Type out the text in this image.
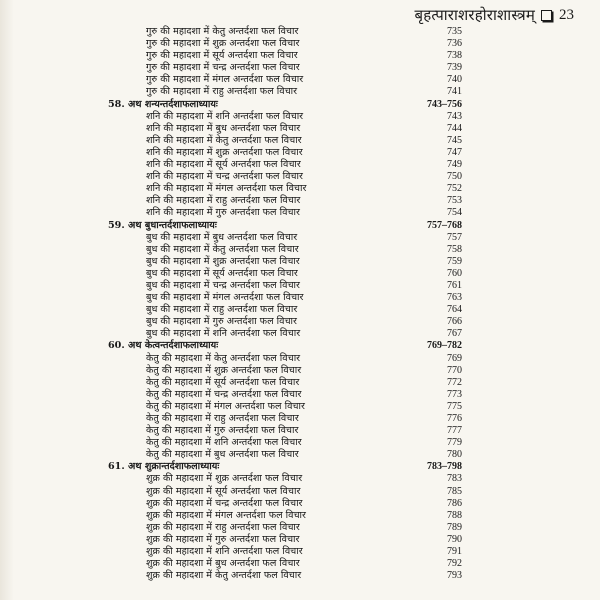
बृहत्पाराशरहोराशास्त्रम् 23
गुरु की महादशा में केतु अन्तर्दशा फल विचार	735
गुरु की महादशा में शुक्र अन्तर्दशा फल विचार	736
गुरु की महादशा में सूर्य अन्तर्दशा फल विचार	738
गुरु की महादशा में चन्द्र अन्तर्दशा फल विचार	739
गुरु की महादशा में मंगल अन्तर्दशा फल विचार	740
गुरु की महादशा में राहु अन्तर्दशा फल विचार	741
58. अथ शन्यन्तर्दशाफलाध्यायः	743–756
शनि की महादशा में शनि अन्तर्दशा फल विचार	743
शनि की महादशा में बुध अन्तर्दशा फल विचार	744
शनि की महादशा में केतु अन्तर्दशा फल विचार	745
शनि की महादशा में शुक्र अन्तर्दशा फल विचार	747
शनि की महादशा में सूर्य अन्तर्दशा फल विचार	749
शनि की महादशा में चन्द्र अन्तर्दशा फल विचार	750
शनि की महादशा में मंगल अन्तर्दशा फल विचार	752
शनि की महादशा में राहु अन्तर्दशा फल विचार	753
शनि की महादशा में गुरु अन्तर्दशा फल विचार	754
59. अथ बुधान्तर्दशाफलाध्यायः	757–768
बुध की महादशा में बुध अन्तर्दशा फल विचार	757
बुध की महादशा में केतु अन्तर्दशा फल विचार	758
बुध की महादशा में शुक्र अन्तर्दशा फल विचार	759
बुध की महादशा में सूर्य अन्तर्दशा फल विचार	760
बुध की महादशा में चन्द्र अन्तर्दशा फल विचार	761
बुध की महादशा में मंगल अन्तर्दशा फल विचार	763
बुध की महादशा में राहु अन्तर्दशा फल विचार	764
बुध की महादशा में गुरु अन्तर्दशा फल विचार	766
बुध की महादशा में शनि अन्तर्दशा फल विचार	767
60. अथ केत्वन्तर्दशाफलाध्यायः	769–782
केतु की महादशा में केतु अन्तर्दशा फल विचार	769
केतु की महादशा में शुक्र अन्तर्दशा फल विचार	770
केतु की महादशा में सूर्य अन्तर्दशा फल विचार	772
केतु की महादशा में चन्द्र अन्तर्दशा फल विचार	773
केतु की महादशा में मंगल अन्तर्दशा फल विचार	775
केतु की महादशा में राहु अन्तर्दशा फल विचार	776
केतु की महादशा में गुरु अन्तर्दशा फल विचार	777
केतु की महादशा में शनि अन्तर्दशा फल विचार	779
केतु की महादशा में बुध अन्तर्दशा फल विचार	780
61. अथ शुक्रान्तर्दशाफलाध्यायः	783–798
शुक्र की महादशा में शुक्र अन्तर्दशा फल विचार	783
शुक्र की महादशा में सूर्य अन्तर्दशा फल विचार	785
शुक्र की महादशा में चन्द्र अन्तर्दशा फल विचार	786
शुक्र की महादशा में मंगल अन्तर्दशा फल विचार	788
शुक्र की महादशा में राहु अन्तर्दशा फल विचार	789
शुक्र की महादशा में गुरु अन्तर्दशा फल विचार	790
शुक्र की महादशा में शनि अन्तर्दशा फल विचार	791
शुक्र की महादशा में बुध अन्तर्दशा फल विचार	792
शुक्र की महादशा में केतु अन्तर्दशा फल विचार	793
